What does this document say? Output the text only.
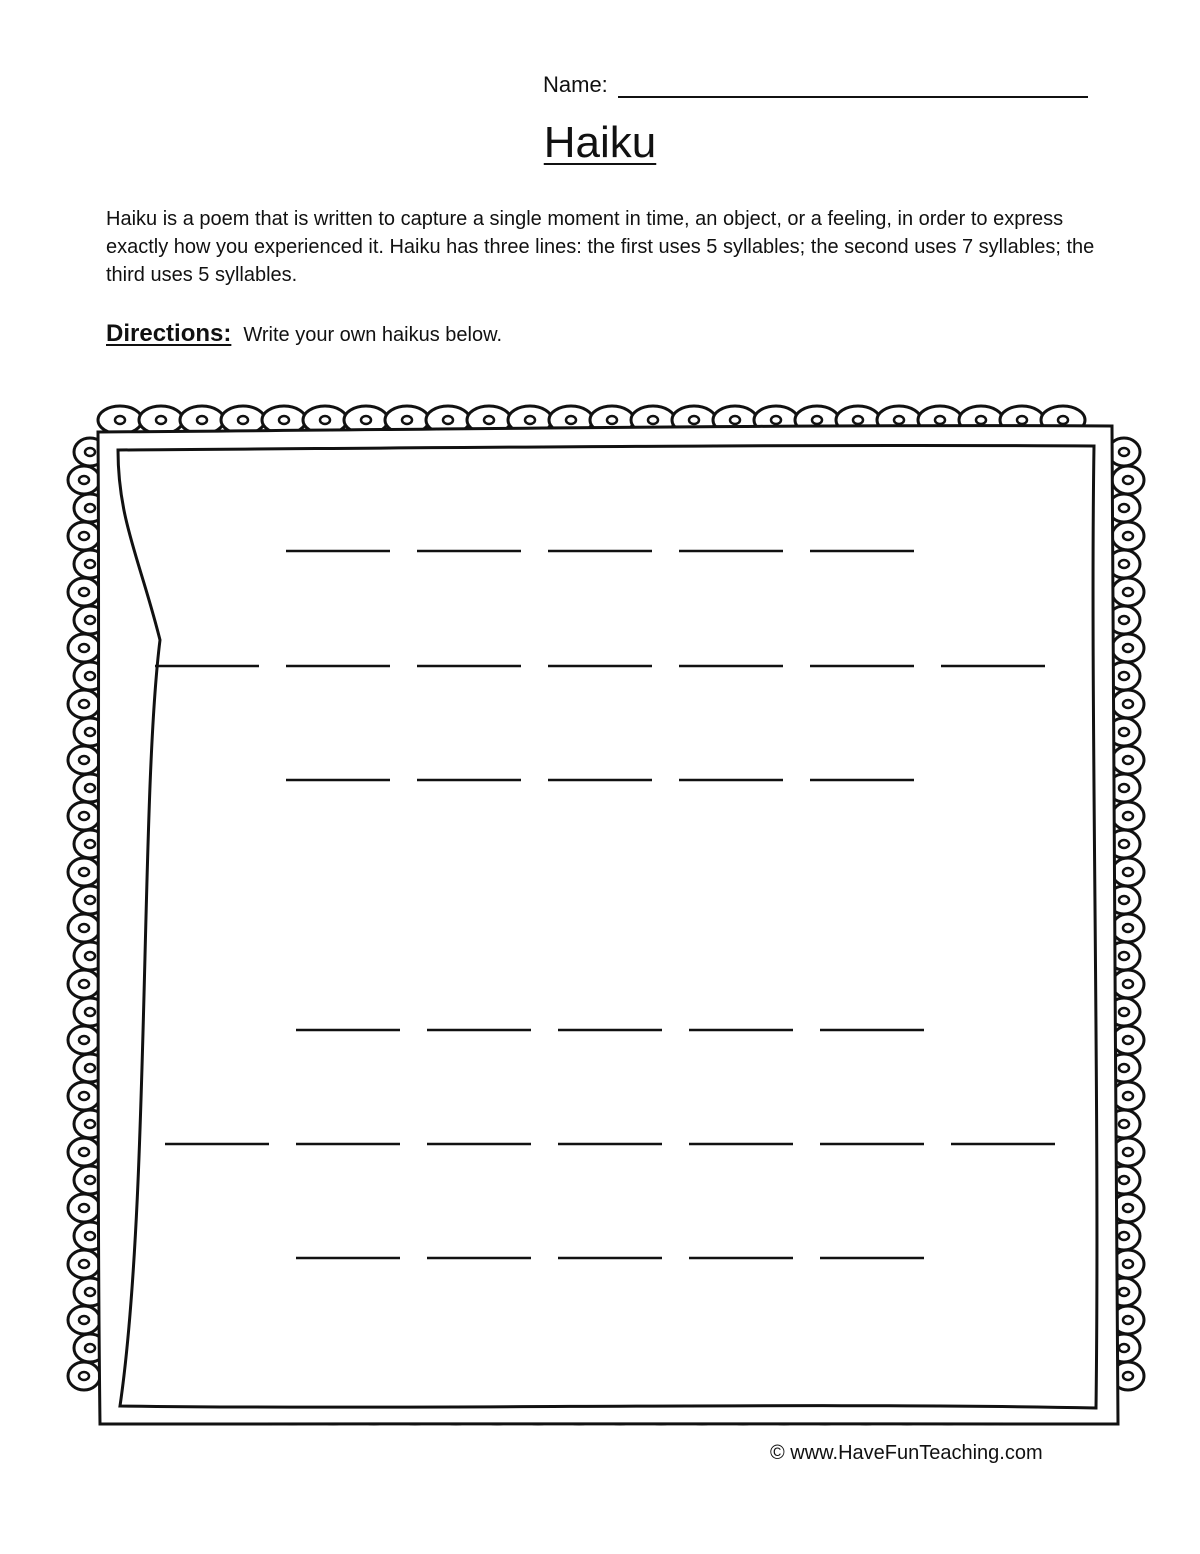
Name:
Haiku

Haiku is a poem that is written to capture a single moment in time, an object, or a feeling, in order to express exactly how you experienced it. Haiku has three lines: the first uses 5 syllables; the second uses 7 syllables; the third uses 5 syllables.

Directions: Write your own haikus below.
© www.HaveFunTeaching.com
